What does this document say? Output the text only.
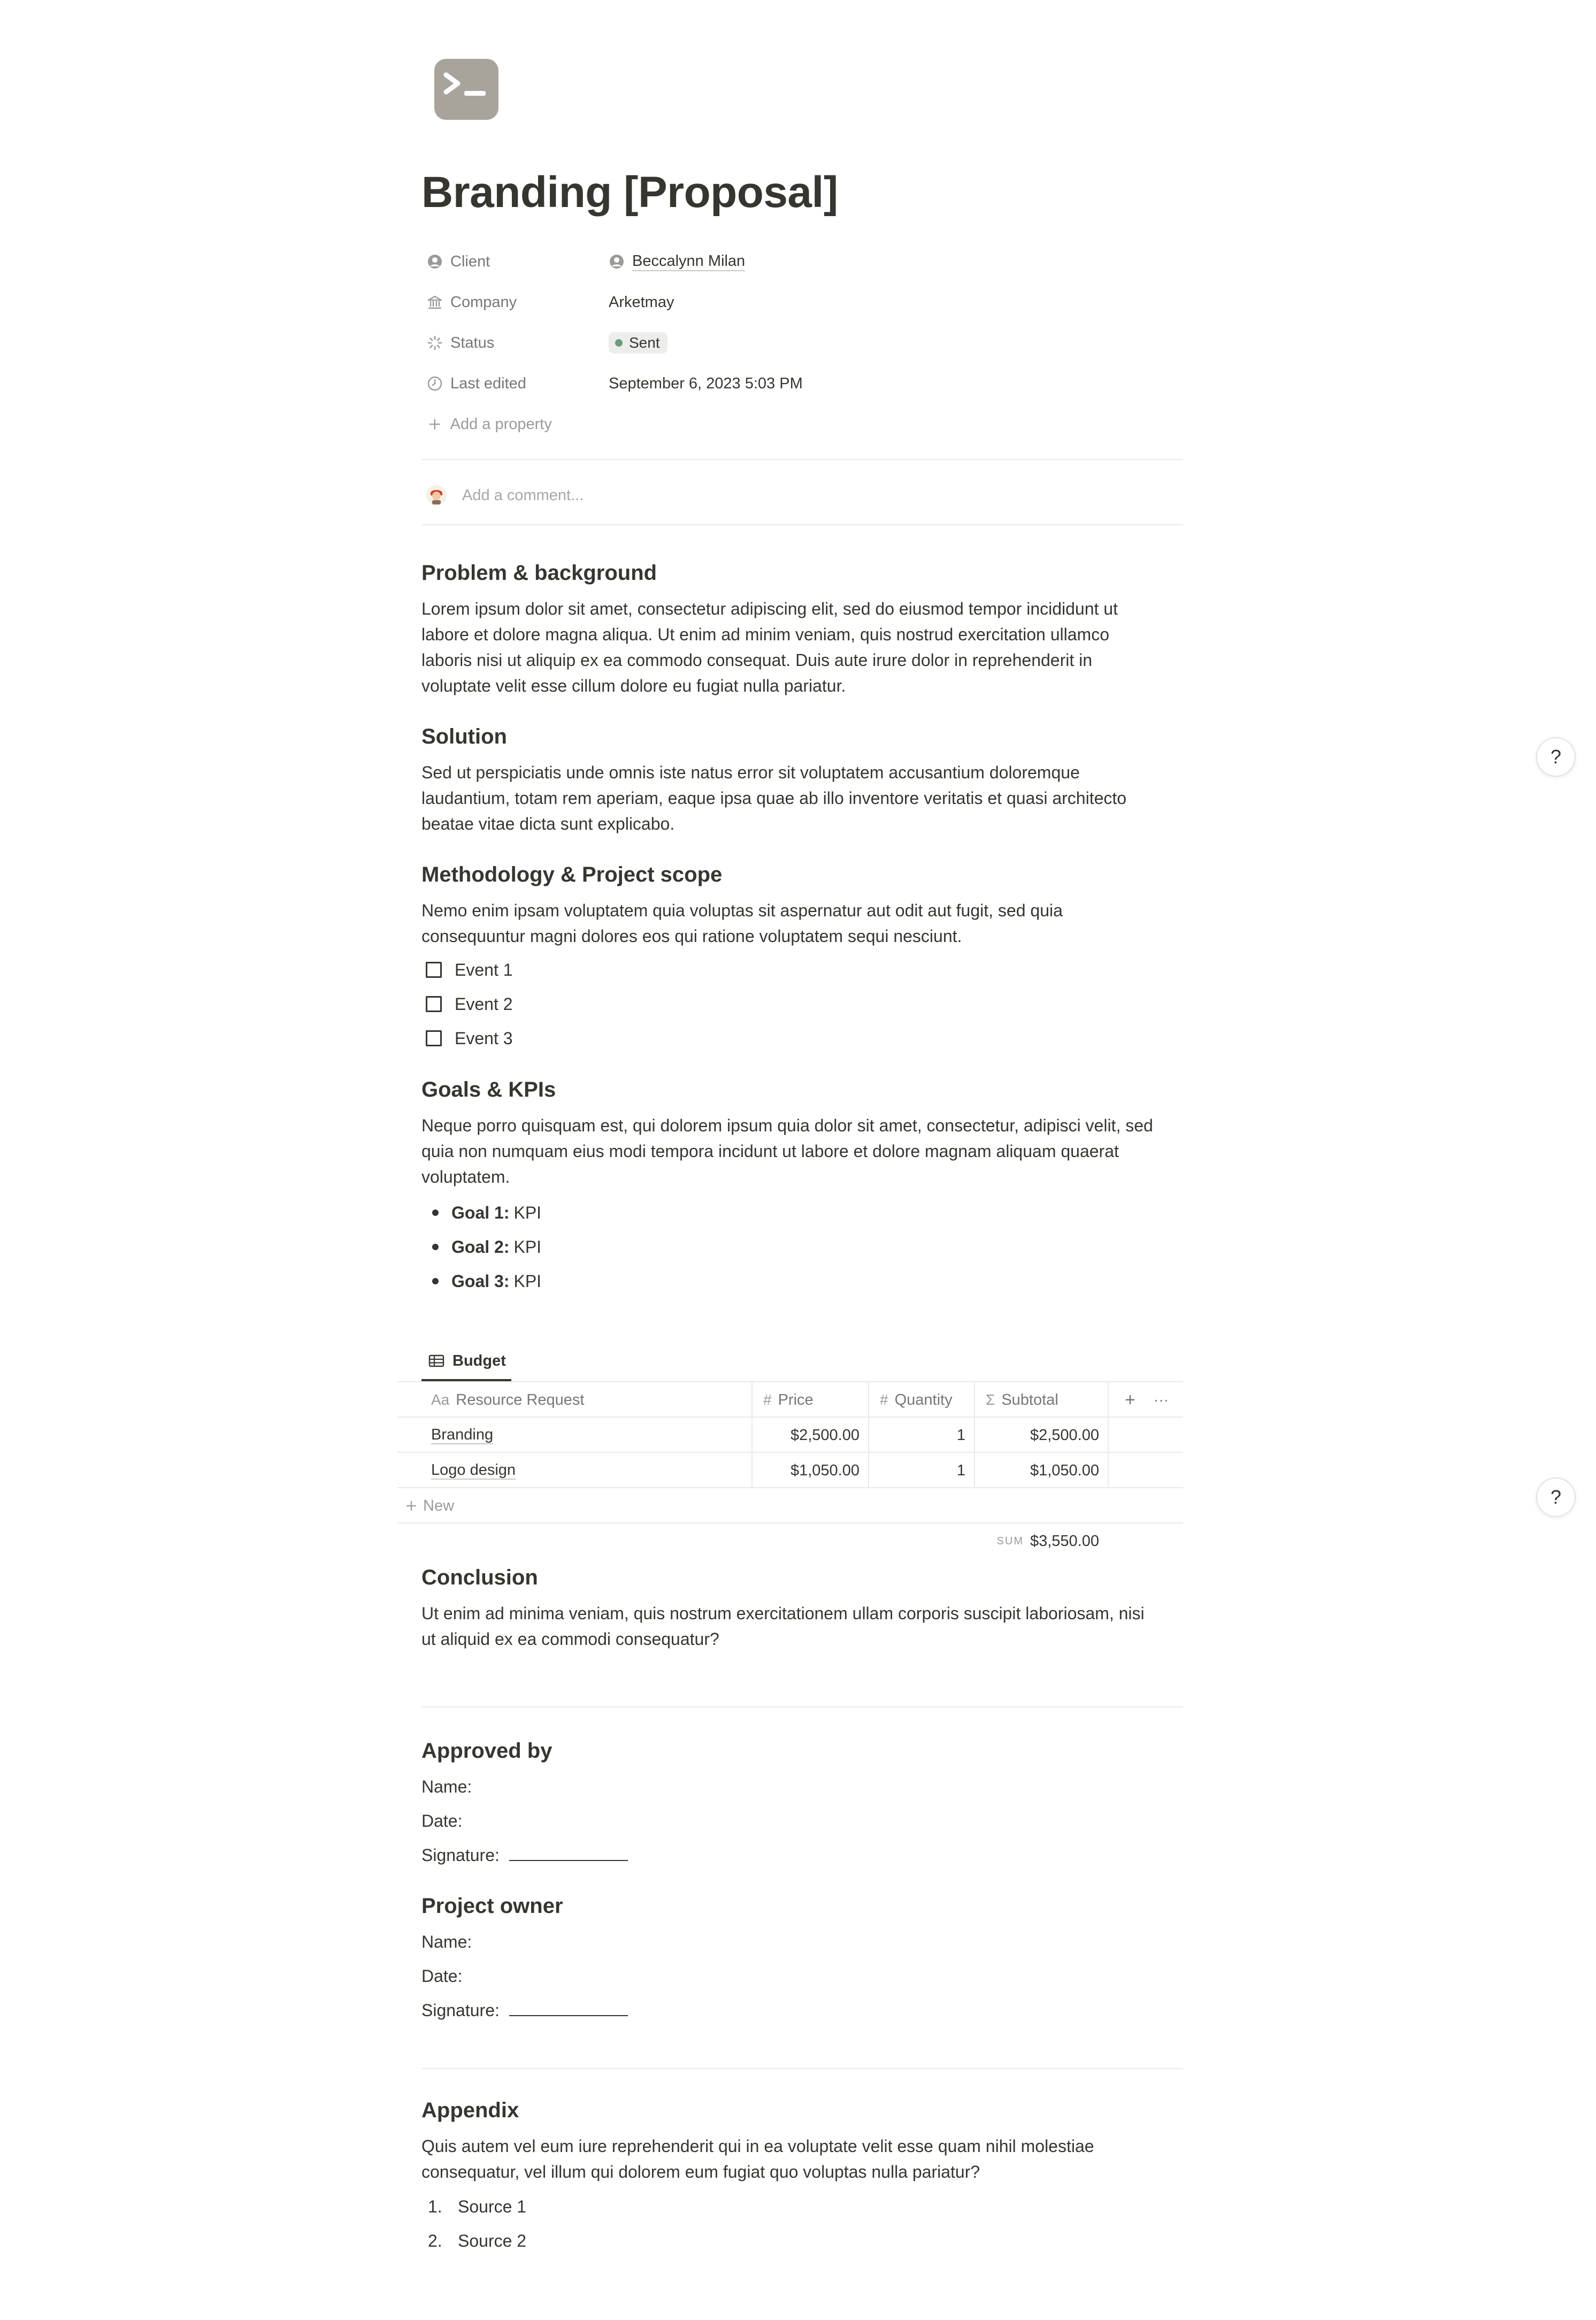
Branding [Proposal]
Client	Beccalynn Milan
Company	Arketmay
Status	Sent
Last edited	September 6, 2023 5:03 PM
Add a property
Add a comment...
Problem & background
Lorem ipsum dolor sit amet, consectetur adipiscing elit, sed do eiusmod tempor incididunt ut
labore et dolore magna aliqua. Ut enim ad minim veniam, quis nostrud exercitation ullamco
laboris nisi ut aliquip ex ea commodo consequat. Duis aute irure dolor in reprehenderit in
voluptate velit esse cillum dolore eu fugiat nulla pariatur.
Solution
Sed ut perspiciatis unde omnis iste natus error sit voluptatem accusantium doloremque
laudantium, totam rem aperiam, eaque ipsa quae ab illo inventore veritatis et quasi architecto
beatae vitae dicta sunt explicabo.
Methodology & Project scope
Nemo enim ipsam voluptatem quia voluptas sit aspernatur aut odit aut fugit, sed quia
consequuntur magni dolores eos qui ratione voluptatem sequi nesciunt.
Event 1
Event 2
Event 3
Goals & KPIs
Neque porro quisquam est, qui dolorem ipsum quia dolor sit amet, consectetur, adipisci velit, sed
quia non numquam eius modi tempora incidunt ut labore et dolore magnam aliquam quaerat
voluptatem.
Goal 1: KPI
Goal 2: KPI
Goal 3: KPI
Budget
Aa Resource Request	# Price	# Quantity Σ Subtotal	+ ···
Branding	$2,500.00	1	$2,500.00
Logo design	$1,050.00	1	$1,050.00
New
SUM $3,550.00
Conclusion
Ut enim ad minima veniam, quis nostrum exercitationem ullam corporis suscipit laboriosam, nisi
ut aliquid ex ea commodi consequatur?
Approved by
Name:
Date:
Signature:
Project owner
Name:
Date:
Signature:
Appendix
Quis autem vel eum iure reprehenderit qui in ea voluptate velit esse quam nihil molestiae
consequatur, vel illum qui dolorem eum fugiat quo voluptas nulla pariatur?
1. Source 1
2. Source 2
?
?
